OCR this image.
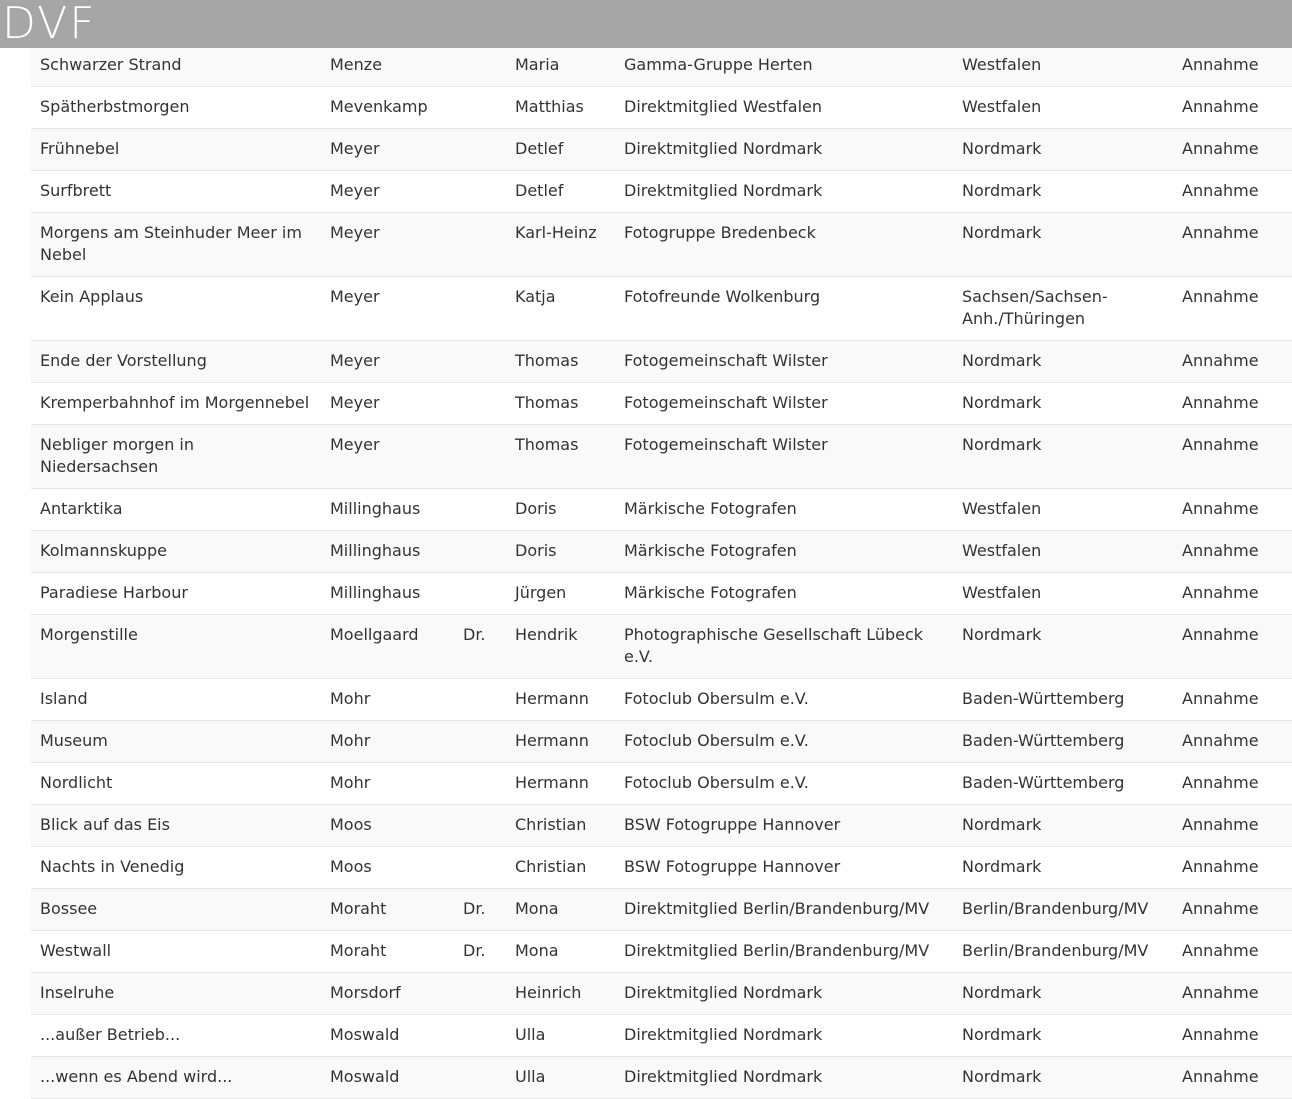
DVF
Schwarzer Strand	Menze		Maria	Gamma-Gruppe Herten	Westfalen	Annahme
Spätherbstmorgen	Mevenkamp		Matthias	Direktmitglied Westfalen	Westfalen	Annahme
Frühnebel	Meyer		Detlef	Direktmitglied Nordmark	Nordmark	Annahme
Surfbrett	Meyer		Detlef	Direktmitglied Nordmark	Nordmark	Annahme
Morgens am Steinhuder Meer im Nebel	Meyer		Karl-Heinz	Fotogruppe Bredenbeck	Nordmark	Annahme
Kein Applaus	Meyer		Katja	Fotofreunde Wolkenburg	Sachsen/Sachsen-Anh./Thüringen	Annahme
Ende der Vorstellung	Meyer		Thomas	Fotogemeinschaft Wilster	Nordmark	Annahme
Kremperbahnhof im Morgennebel	Meyer		Thomas	Fotogemeinschaft Wilster	Nordmark	Annahme
Nebliger morgen in Niedersachsen	Meyer		Thomas	Fotogemeinschaft Wilster	Nordmark	Annahme
Antarktika	Millinghaus		Doris	Märkische Fotografen	Westfalen	Annahme
Kolmannskuppe	Millinghaus		Doris	Märkische Fotografen	Westfalen	Annahme
Paradiese Harbour	Millinghaus		Jürgen	Märkische Fotografen	Westfalen	Annahme
Morgenstille	Moellgaard	Dr.	Hendrik	Photographische Gesellschaft Lübeck e.V.	Nordmark	Annahme
Island	Mohr		Hermann	Fotoclub Obersulm e.V.	Baden-Württemberg	Annahme
Museum	Mohr		Hermann	Fotoclub Obersulm e.V.	Baden-Württemberg	Annahme
Nordlicht	Mohr		Hermann	Fotoclub Obersulm e.V.	Baden-Württemberg	Annahme
Blick auf das Eis	Moos		Christian	BSW Fotogruppe Hannover	Nordmark	Annahme
Nachts in Venedig	Moos		Christian	BSW Fotogruppe Hannover	Nordmark	Annahme
Bossee	Moraht	Dr.	Mona	Direktmitglied Berlin/Brandenburg/MV	Berlin/Brandenburg/MV	Annahme
Westwall	Moraht	Dr.	Mona	Direktmitglied Berlin/Brandenburg/MV	Berlin/Brandenburg/MV	Annahme
Inselruhe	Morsdorf		Heinrich	Direktmitglied Nordmark	Nordmark	Annahme
...außer Betrieb...	Moswald		Ulla	Direktmitglied Nordmark	Nordmark	Annahme
...wenn es Abend wird...	Moswald		Ulla	Direktmitglied Nordmark	Nordmark	Annahme
